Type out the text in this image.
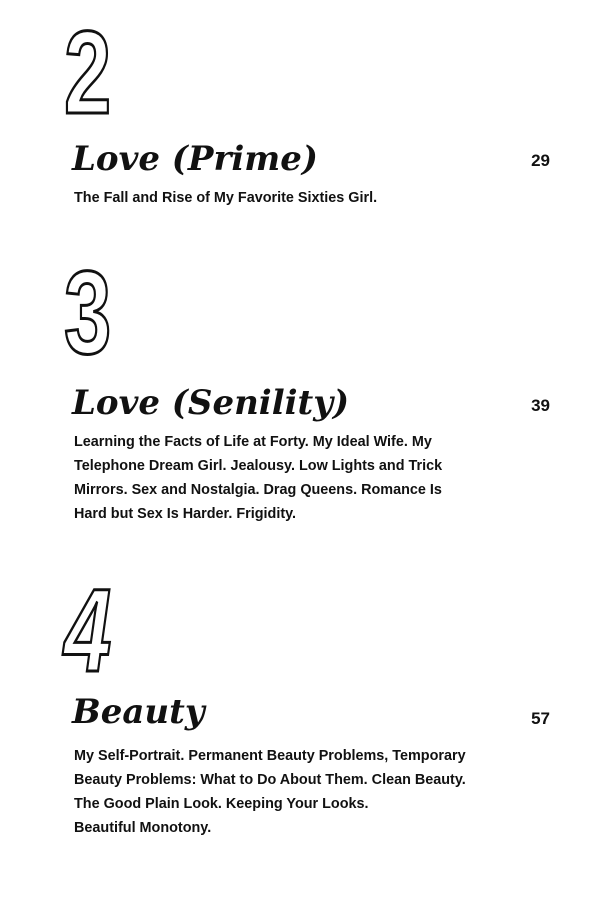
2
Love (Prime)	29
The Fall and Rise of My Favorite Sixties Girl.
3
Love (Senility)	39
Learning the Facts of Life at Forty. My Ideal Wife. My
Telephone Dream Girl. Jealousy. Low Lights and Trick
Mirrors. Sex and Nostalgia. Drag Queens. Romance Is
Hard but Sex Is Harder. Frigidity.
4
Beauty	57
My Self-Portrait. Permanent Beauty Problems, Temporary
Beauty Problems: What to Do About Them. Clean Beauty.
The Good Plain Look. Keeping Your Looks.
Beautiful Monotony.
